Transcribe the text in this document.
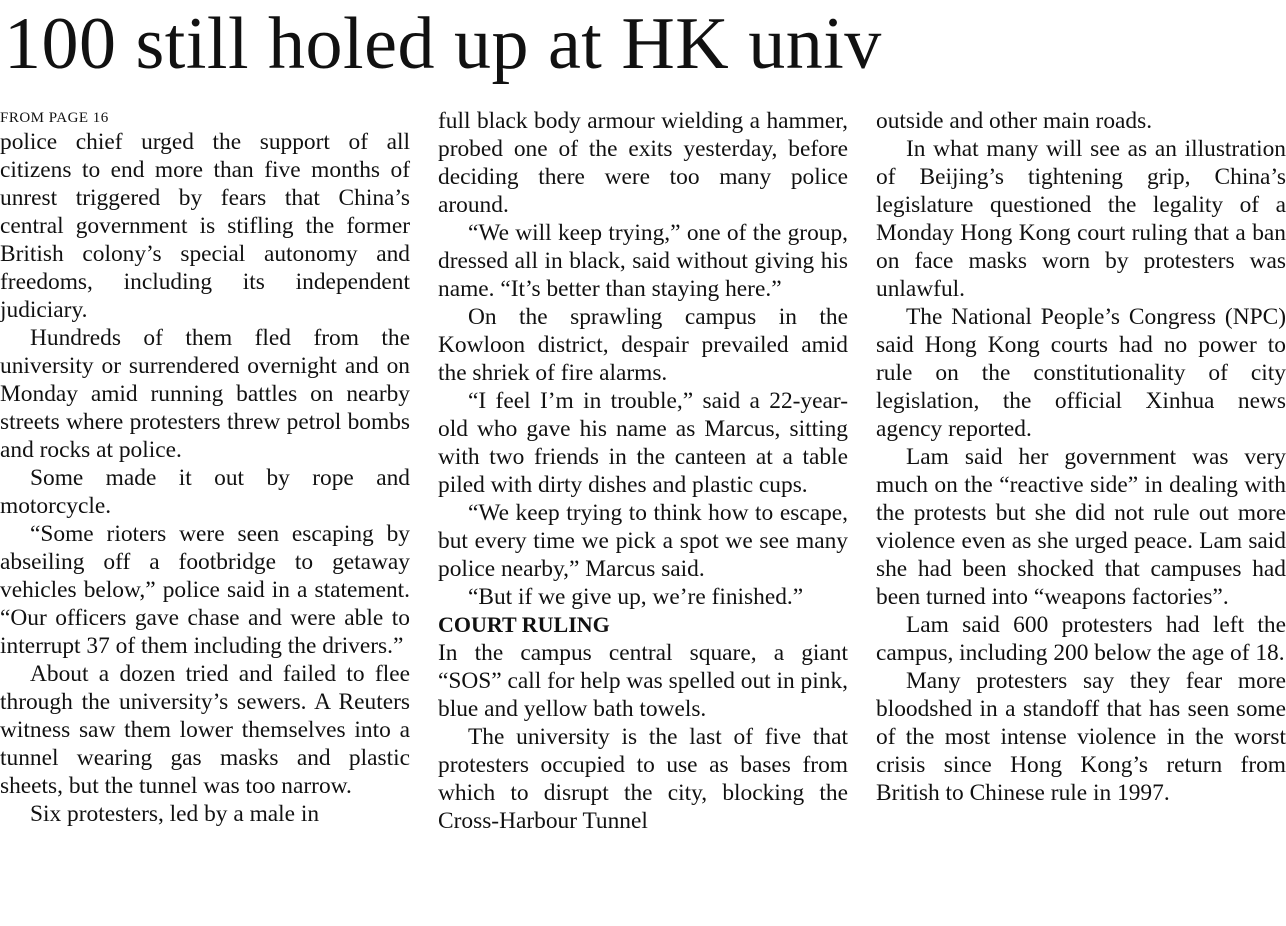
100 still holed up at HK univ
FROM PAGE 16

police chief urged the support of all citizens to end more than five months of unrest triggered by fears that China’s central government is stifling the former British colony’s special autonomy and freedoms, including its independent judiciary.

Hundreds of them fled from the university or surrendered overnight and on Monday amid running battles on nearby streets where protesters threw petrol bombs and rocks at police.

Some made it out by rope and motorcycle.

“Some rioters were seen escaping by abseiling off a footbridge to getaway vehicles below,” police said in a statement. “Our officers gave chase and were able to interrupt 37 of them including the drivers.”

About a dozen tried and failed to flee through the university’s sewers. A Reuters witness saw them lower themselves into a tunnel wearing gas masks and plastic sheets, but the tunnel was too narrow.

Six protesters, led by a male in

full black body armour wielding a hammer, probed one of the exits yesterday, before deciding there were too many police around.

“We will keep trying,” one of the group, dressed all in black, said without giving his name. “It’s better than staying here.”

On the sprawling campus in the Kowloon district, despair prevailed amid the shriek of fire alarms.

“I feel I’m in trouble,” said a 22-year-old who gave his name as Marcus, sitting with two friends in the canteen at a table piled with dirty dishes and plastic cups.

“We keep trying to think how to escape, but every time we pick a spot we see many police nearby,” Marcus said.

“But if we give up, we’re finished.”

COURT RULING

In the campus central square, a giant “SOS” call for help was spelled out in pink, blue and yellow bath towels.

The university is the last of five that protesters occupied to use as bases from which to disrupt the city, blocking the Cross-Harbour Tunnel

outside and other main roads.

In what many will see as an illustration of Beijing’s tightening grip, China’s legislature questioned the legality of a Monday Hong Kong court ruling that a ban on face masks worn by protesters was unlawful.

The National People’s Congress (NPC) said Hong Kong courts had no power to rule on the constitutionality of city legislation, the official Xinhua news agency reported.

Lam said her government was very much on the “reactive side” in dealing with the protests but she did not rule out more violence even as she urged peace. Lam said she had been shocked that campuses had been turned into “weapons factories”.

Lam said 600 protesters had left the campus, including 200 below the age of 18.

Many protesters say they fear more bloodshed in a standoff that has seen some of the most intense violence in the worst crisis since Hong Kong’s return from British to Chinese rule in 1997.
